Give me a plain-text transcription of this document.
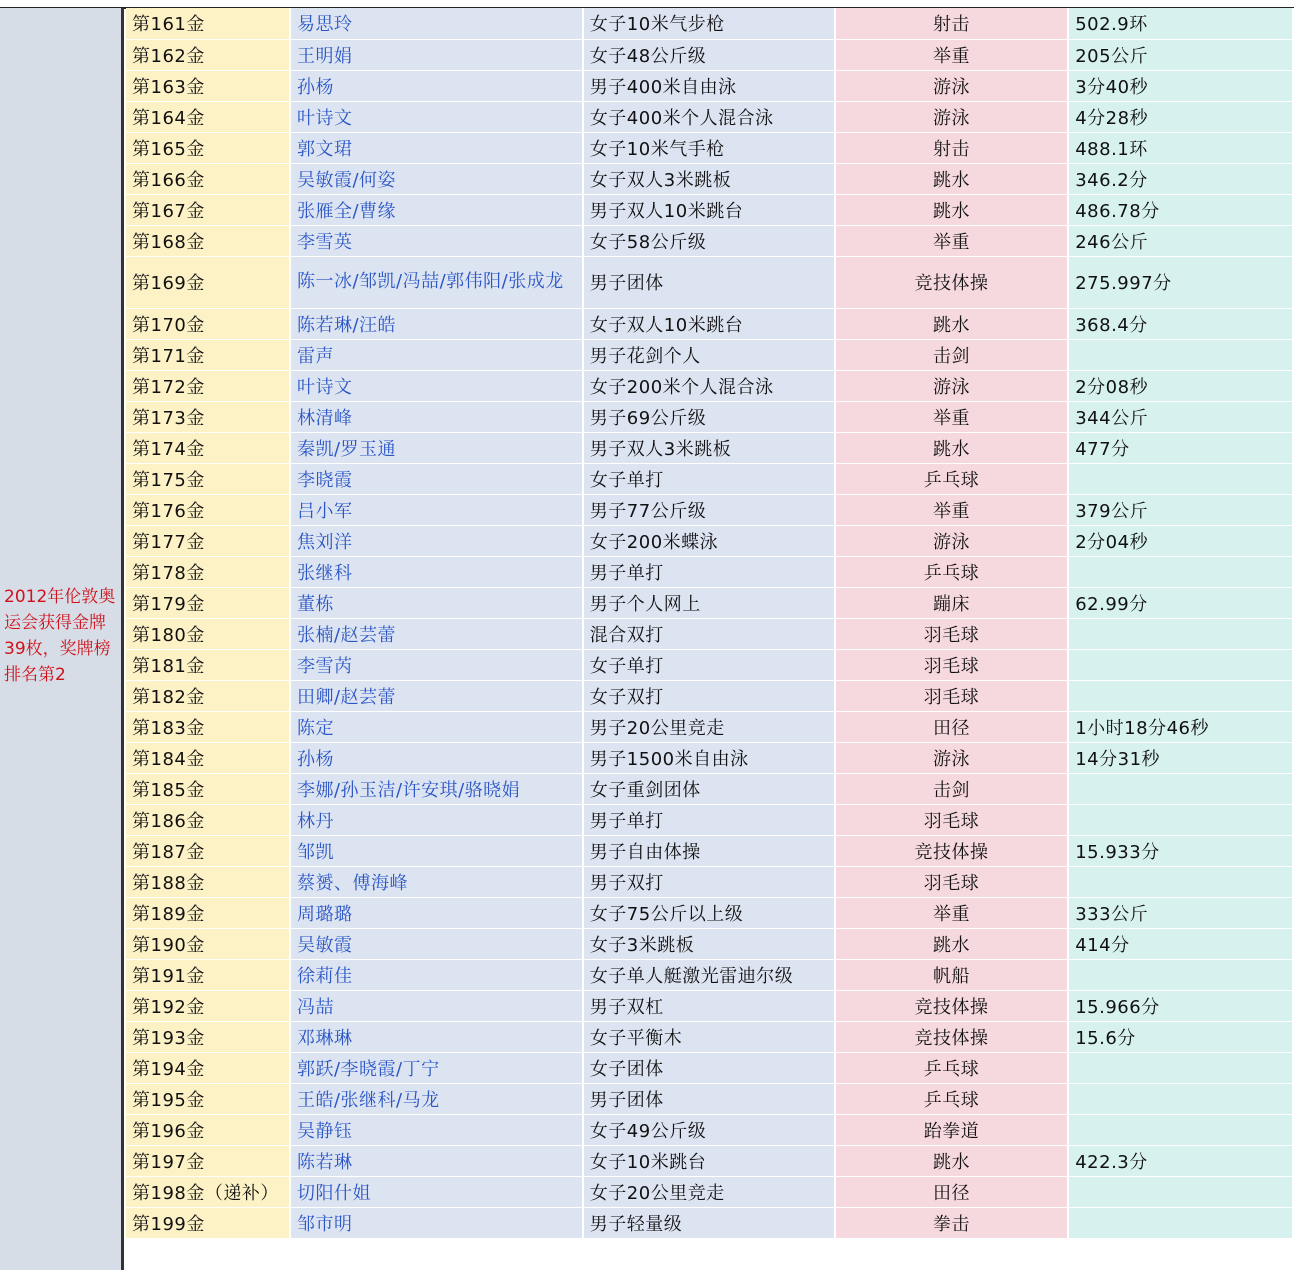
2012年伦敦奥运会获得金牌39枚，奖牌榜排名第2
第161金	易思玲	女子10米气步枪	射击	502.9环
第162金	王明娟	女子48公斤级	举重	205公斤
第163金	孙杨	男子400米自由泳	游泳	3分40秒
第164金	叶诗文	女子400米个人混合泳	游泳	4分28秒
第165金	郭文珺	女子10米气手枪	射击	488.1环
第166金	吴敏霞/何姿	女子双人3米跳板	跳水	346.2分
第167金	张雁全/曹缘	男子双人10米跳台	跳水	486.78分
第168金	李雪英	女子58公斤级	举重	246公斤
第169金	陈一冰/邹凯/冯喆/郭伟阳/张成龙	男子团体	竞技体操	275.997分
第170金	陈若琳/汪皓	女子双人10米跳台	跳水	368.4分
第171金	雷声	男子花剑个人	击剑	
第172金	叶诗文	女子200米个人混合泳	游泳	2分08秒
第173金	林清峰	男子69公斤级	举重	344公斤
第174金	秦凯/罗玉通	男子双人3米跳板	跳水	477分
第175金	李晓霞	女子单打	乒乓球	
第176金	吕小军	男子77公斤级	举重	379公斤
第177金	焦刘洋	女子200米蝶泳	游泳	2分04秒
第178金	张继科	男子单打	乒乓球	
第179金	董栋	男子个人网上	蹦床	62.99分
第180金	张楠/赵芸蕾	混合双打	羽毛球	
第181金	李雪芮	女子单打	羽毛球	
第182金	田卿/赵芸蕾	女子双打	羽毛球	
第183金	陈定	男子20公里竞走	田径	1小时18分46秒
第184金	孙杨	男子1500米自由泳	游泳	14分31秒
第185金	李娜/孙玉洁/许安琪/骆晓娟	女子重剑团体	击剑	
第186金	林丹	男子单打	羽毛球	
第187金	邹凯	男子自由体操	竞技体操	15.933分
第188金	蔡赟、傅海峰	男子双打	羽毛球	
第189金	周璐璐	女子75公斤以上级	举重	333公斤
第190金	吴敏霞	女子3米跳板	跳水	414分
第191金	徐莉佳	女子单人艇激光雷迪尔级	帆船	
第192金	冯喆	男子双杠	竞技体操	15.966分
第193金	邓琳琳	女子平衡木	竞技体操	15.6分
第194金	郭跃/李晓霞/丁宁	女子团体	乒乓球	
第195金	王皓/张继科/马龙	男子团体	乒乓球	
第196金	吴静钰	女子49公斤级	跆拳道	
第197金	陈若琳	女子10米跳台	跳水	422.3分
第198金（递补）	切阳什姐	女子20公里竞走	田径	
第199金	邹市明	男子轻量级	拳击	
